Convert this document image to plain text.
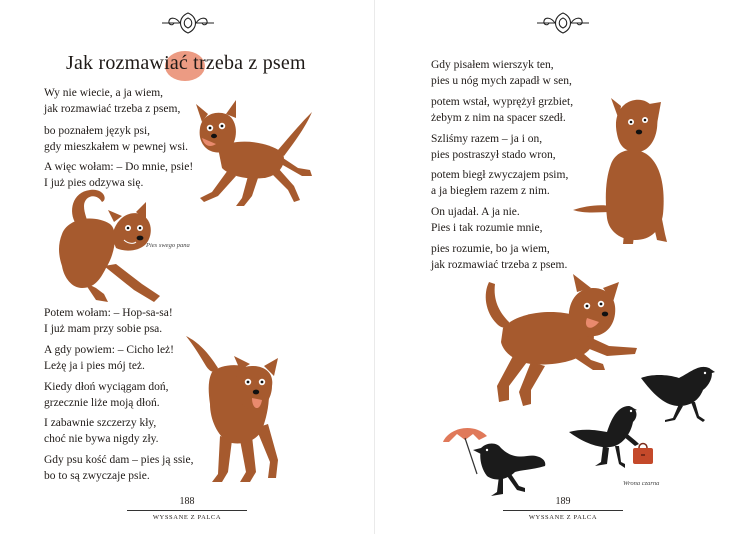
Jak rozmawiać trzeba z psem
Wy nie wiecie, a ja wiem,
jak rozmawiać trzeba z psem,
bo poznałem język psi,
gdy mieszkałem w pewnej wsi.
A więc wołam: – Do mnie, psie!
I już pies odzywa się.
Potem wołam: – Hop-sa-sa!
I już mam przy sobie psa.
A gdy powiem: – Cicho leż!
Leżę ja i pies mój też.
Kiedy dłoń wyciągam doń,
grzecznie liże moją dłoń.
I zabawnie szczerzy kły,
choć nie bywa nigdy zły.
Gdy psu kość dam – pies ją ssie,
bo to są zwyczaje psie.
Pies swego pana
188
WYSSANE Z PALCA
Gdy pisałem wierszyk ten,
pies u nóg mych zapadł w sen,
potem wstał, wyprężył grzbiet,
żebym z nim na spacer szedł.
Szliśmy razem – ja i on,
pies postraszył stado wron,
potem biegł zwyczajem psim,
a ja biegłem razem z nim.
On ujadał. A ja nie.
Pies i tak rozumie mnie,
pies rozumie, bo ja wiem,
jak rozmawiać trzeba z psem.
Wrona czarna
189
WYSSANE Z PALCA
